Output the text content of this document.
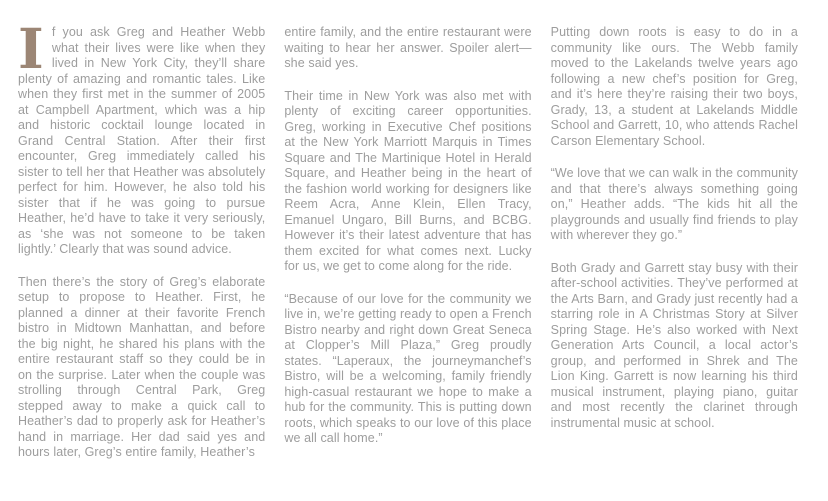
If you ask Greg and Heather Webb what their lives were like when they lived in New York City, they’ll share plenty of amazing and romantic tales. Like when they first met in the summer of 2005 at Campbell Apartment, which was a hip and historic cocktail lounge located in Grand Central Station. After their first encounter, Greg immediately called his sister to tell her that Heather was absolutely perfect for him. However, he also told his sister that if he was going to pursue Heather, he’d have to take it very seriously, as ‘she was not someone to be taken lightly.’ Clearly that was sound advice.

Then there’s the story of Greg’s elaborate setup to propose to Heather. First, he planned a dinner at their favorite French bistro in Midtown Manhattan, and before the big night, he shared his plans with the entire restaurant staff so they could be in on the surprise. Later when the couple was strolling through Central Park, Greg stepped away to make a quick call to Heather’s dad to properly ask for Heather’s hand in marriage. Her dad said yes and hours later, Greg’s entire family, Heather’s

entire family, and the entire restaurant were waiting to hear her answer. Spoiler alert—she said yes.

Their time in New York was also met with plenty of exciting career opportunities. Greg, working in Executive Chef positions at the New York Marriott Marquis in Times Square and The Martinique Hotel in Herald Square, and Heather being in the heart of the fashion world working for designers like Reem Acra, Anne Klein, Ellen Tracy, Emanuel Ungaro, Bill Burns, and BCBG. However it’s their latest adventure that has them excited for what comes next. Lucky for us, we get to come along for the ride.

“Because of our love for the community we live in, we’re getting ready to open a French Bistro nearby and right down Great Seneca at Clopper’s Mill Plaza,” Greg proudly states. “Laperaux, the journeymanchef’s Bistro, will be a welcoming, family friendly high-casual restaurant we hope to make a hub for the community. This is putting down roots, which speaks to our love of this place we all call home.”

Putting down roots is easy to do in a community like ours. The Webb family moved to the Lakelands twelve years ago following a new chef’s position for Greg, and it’s here they’re raising their two boys, Grady, 13, a student at Lakelands Middle School and Garrett, 10, who attends Rachel Carson Elementary School.

“We love that we can walk in the community and that there’s always something going on,” Heather adds. “The kids hit all the playgrounds and usually find friends to play with wherever they go.”

Both Grady and Garrett stay busy with their after-school activities. They’ve performed at the Arts Barn, and Grady just recently had a starring role in A Christmas Story at Silver Spring Stage. He’s also worked with Next Generation Arts Council, a local actor’s group, and performed in Shrek and The Lion King. Garrett is now learning his third musical instrument, playing piano, guitar and most recently the clarinet through instrumental music at school.
